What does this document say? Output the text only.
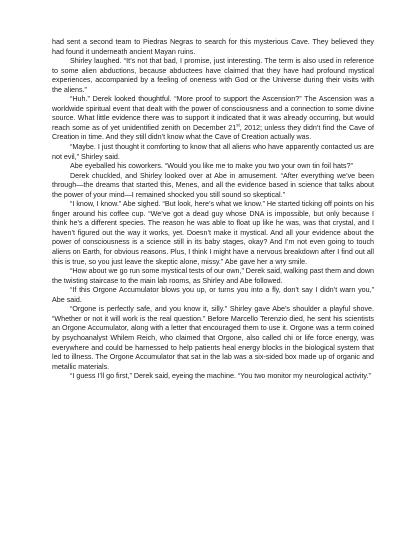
had sent a second team to Piedras Negras to search for this mysterious Cave. They believed they had found it underneath ancient Mayan ruins.

Shirley laughed. “It’s not that bad, I promise, just interesting. The term is also used in reference to some alien abductions, because abductees have claimed that they have had profound mystical experiences, accompanied by a feeling of oneness with God or the Universe during their visits with the aliens.”

“Huh.” Derek looked thoughtful. “More proof to support the Ascension?” The Ascension was a worldwide spiritual event that dealt with the power of consciousness and a connection to some divine source. What little evidence there was to support it indicated that it was already occurring, but would reach some as of yet unidentified zenith on December 21st, 2012; unless they didn’t find the Cave of Creation in time. And they still didn’t know what the Cave of Creation actually was.

“Maybe. I just thought it comforting to know that all aliens who have apparently contacted us are not evil,” Shirley said.

Abe eyeballed his coworkers. “Would you like me to make you two your own tin foil hats?”

Derek chuckled, and Shirley looked over at Abe in amusement. “After everything we’ve been through—the dreams that started this, Menes, and all the evidence based in science that talks about the power of your mind—I remained shocked you still sound so skeptical.”

“I know, I know.” Abe sighed. “But look, here’s what we know.” He started ticking off points on his finger around his coffee cup. “We’ve got a dead guy whose DNA is impossible, but only because I think he’s a different species. The reason he was able to float up like he was, was that crystal, and I haven’t figured out the way it works, yet. Doesn’t make it mystical. And all your evidence about the power of consciousness is a science still in its baby stages, okay? And I’m not even going to touch aliens on Earth, for obvious reasons. Plus, I think I might have a nervous breakdown after I find out all this is true, so you just leave the skeptic alone, missy.” Abe gave her a wry smile.

“How about we go run some mystical tests of our own,” Derek said, walking past them and down the twisting staircase to the main lab rooms, as Shirley and Abe followed.

“If this Orgone Accumulator blows you up, or turns you into a fly, don’t say I didn’t warn you,” Abe said.

“Orgone is perfectly safe, and you know it, silly.” Shirley gave Abe’s shoulder a playful shove. “Whether or not it will work is the real question.” Before Marcello Terenzio died, he sent his scientists an Orgone Accumulator, along with a letter that encouraged them to use it. Orgone was a term coined by psychoanalyst Whilem Reich, who claimed that Orgone, also called chi or life force energy, was everywhere and could be harnessed to help patients heal energy blocks in the biological system that led to illness. The Orgone Accumulator that sat in the lab was a six-sided box made up of organic and metallic materials.

“I guess I’ll go first,” Derek said, eyeing the machine. “You two monitor my neurological activity.”
